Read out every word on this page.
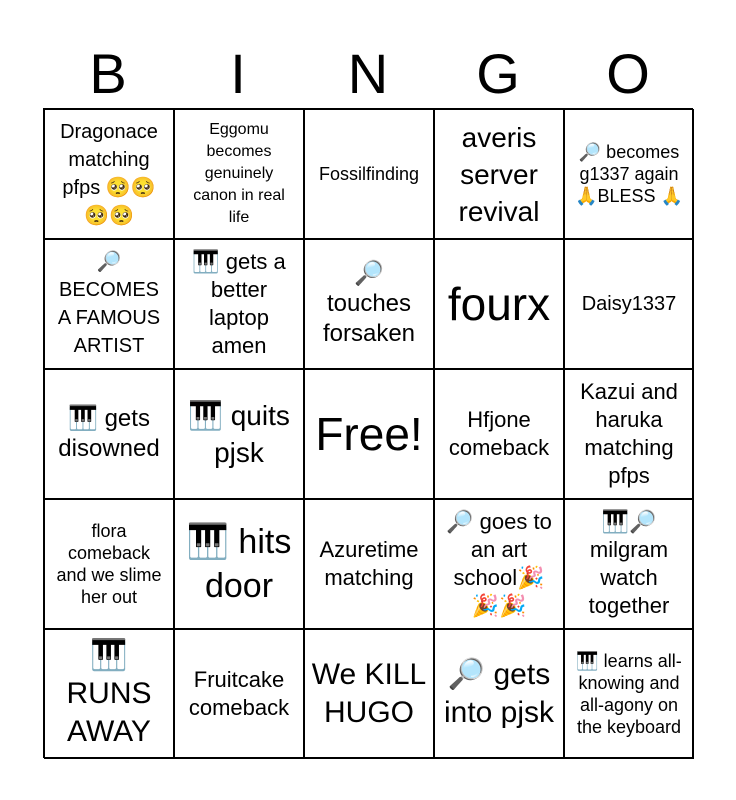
B	I	N	G	O
Dragonace matching pfps 🥺🥺🥺🥺
Eggomu becomes genuinely canon in real life
Fossilfinding
averis server revival
🔎 becomes g1337 again 🙏BLESS 🙏
🔎 BECOMES A FAMOUS ARTIST
🎹 gets a better laptop amen
🔎 touches forsaken
fourx Daisy1337
🎹 gets disowned
🎹 quits pjsk	Free!	Hfjone comeback
Kazui and haruka matching pfps
flora comeback and we slime her out
🎹 hits door
Azuretime matching
🔎 goes to an art school🎉🎉🎉
🎹🔎 milgram watch together
🎹 RUNS AWAY
Fruitcake comeback
We KILL HUGO
🔎 gets into pjsk
🎹 learns all-knowing and all-agony on the keyboard
